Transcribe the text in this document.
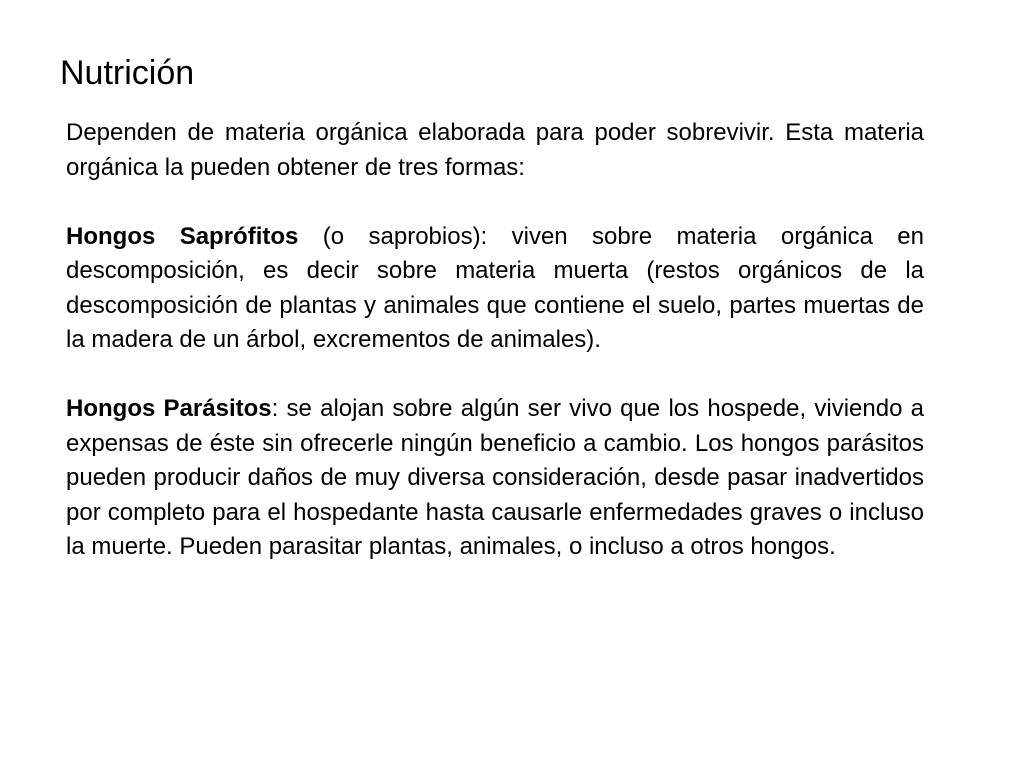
Nutrición

Dependen de materia orgánica elaborada para poder sobrevivir. Esta materia orgánica la pueden obtener de tres formas:

Hongos Saprófitos (o saprobios): viven sobre materia orgánica en descomposición, es decir sobre materia muerta (restos orgánicos de la descomposición de plantas y animales que contiene el suelo, partes muertas de la madera de un árbol, excrementos de animales).

Hongos Parásitos: se alojan sobre algún ser vivo que los hospede, viviendo a expensas de éste sin ofrecerle ningún beneficio a cambio. Los hongos parásitos pueden producir daños de muy diversa consideración, desde pasar inadvertidos por completo para el hospedante hasta causarle enfermedades graves o incluso la muerte. Pueden parasitar plantas, animales, o incluso a otros hongos.
